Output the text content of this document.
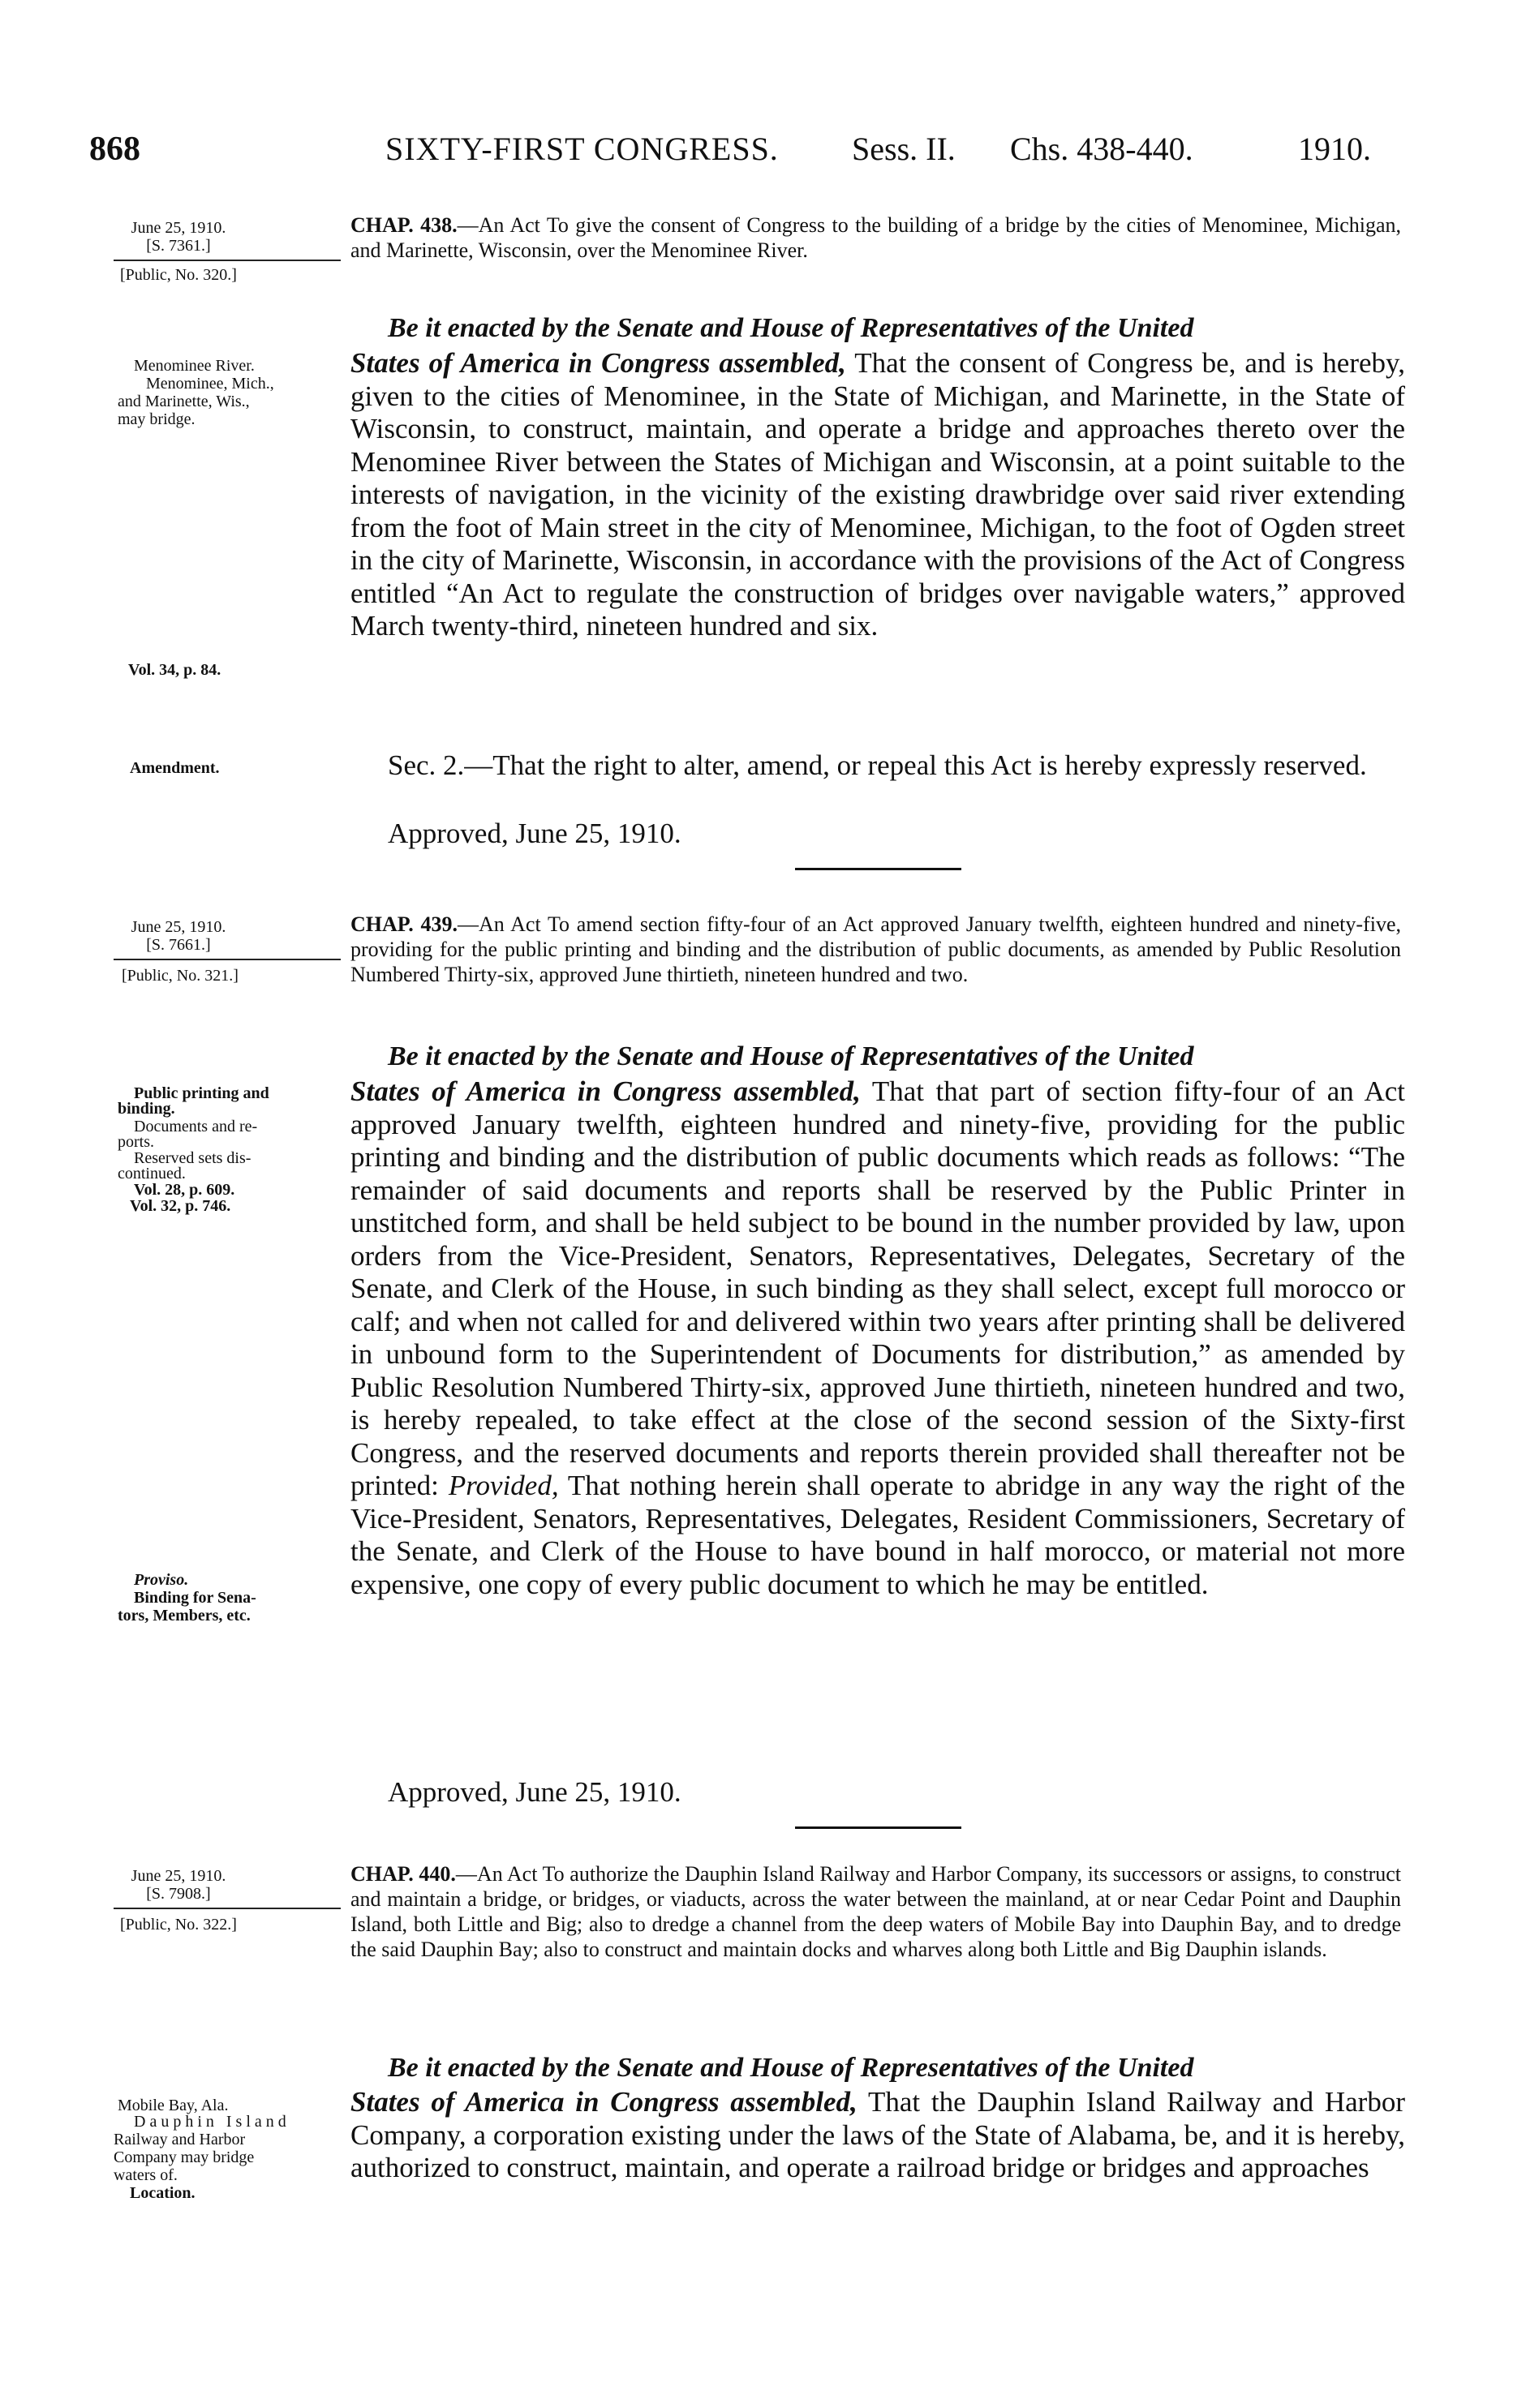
868	SIXTY-FIRST CONGRESS. Sess. II. Chs. 438-440.	1910.
June 25, 1910.
[S. 7361.]
[Public, No. 320.]
CHAP. 438.—An Act To give the consent of Congress to the building of a bridge by the cities of Menominee, Michigan, and Marinette, Wisconsin, over the Menominee River.
Be it enacted by the Senate and House of Representatives of the United
Menominee River.
Menominee, Mich.,
and Marinette, Wis.,
may bridge.
Vol. 34, p. 84.
Amendment.
States of America in Congress assembled, That the consent of Congress be, and is hereby, given to the cities of Menominee, in the State of Michigan, and Marinette, in the State of Wisconsin, to construct, maintain, and operate a bridge and approaches thereto over the Menominee River between the States of Michigan and Wisconsin, at a point suitable to the interests of navigation, in the vicinity of the existing drawbridge over said river extending from the foot of Main street in the city of Menominee, Michigan, to the foot of Ogden street in the city of Marinette, Wisconsin, in accordance with the provisions of the Act of Congress entitled “An Act to regulate the construction of bridges over navigable waters,” approved March twenty-third, nineteen hundred and six.
Sec. 2.—That the right to alter, amend, or repeal this Act is hereby expressly reserved.
Approved, June 25, 1910.
June 25, 1910.
[S. 7661.]
[Public, No. 321.]
CHAP. 439.—An Act To amend section fifty-four of an Act approved January twelfth, eighteen hundred and ninety-five, providing for the public printing and binding and the distribution of public documents, as amended by Public Resolution Numbered Thirty-six, approved June thirtieth, nineteen hundred and two.
Be it enacted by the Senate and House of Representatives of the United
Public printing and
binding.
Documents and re-
ports.
Reserved sets dis-
continued.
Vol. 28, p. 609.
Vol. 32, p. 746.
Proviso.
Binding for Sena-
tors, Members, etc.
States of America in Congress assembled, That that part of section fifty-four of an Act approved January twelfth, eighteen hundred and ninety-five, providing for the public printing and binding and the distribution of public documents which reads as follows: “The remainder of said documents and reports shall be reserved by the Public Printer in unstitched form, and shall be held subject to be bound in the number provided by law, upon orders from the Vice-President, Senators, Representatives, Delegates, Secretary of the Senate, and Clerk of the House, in such binding as they shall select, except full morocco or calf; and when not called for and delivered within two years after printing shall be delivered in unbound form to the Superintendent of Documents for distribution,” as amended by Public Resolution Numbered Thirty-six, approved June thirtieth, nineteen hundred and two, is hereby repealed, to take effect at the close of the second session of the Sixty-first Congress, and the reserved documents and reports therein provided shall thereafter not be printed: Provided, That nothing herein shall operate to abridge in any way the right of the Vice-President, Senators, Representatives, Delegates, Resident Commissioners, Secretary of the Senate, and Clerk of the House to have bound in half morocco, or material not more expensive, one copy of every public document to which he may be entitled.
Approved, June 25, 1910.
June 25, 1910.
[S. 7908.]
[Public, No. 322.]
CHAP. 440.—An Act To authorize the Dauphin Island Railway and Harbor Company, its successors or assigns, to construct and maintain a bridge, or bridges, or viaducts, across the water between the mainland, at or near Cedar Point and Dauphin Island, both Little and Big; also to dredge a channel from the deep waters of Mobile Bay into Dauphin Bay, and to dredge the said Dauphin Bay; also to construct and maintain docks and wharves along both Little and Big Dauphin islands.
Be it enacted by the Senate and House of Representatives of the United
Mobile Bay, Ala.
Dauphin Island
Railway and Harbor
Company may bridge
waters of.
Location.
States of America in Congress assembled, That the Dauphin Island Railway and Harbor Company, a corporation existing under the laws of the State of Alabama, be, and it is hereby, authorized to construct, maintain, and operate a railroad bridge or bridges and approaches
